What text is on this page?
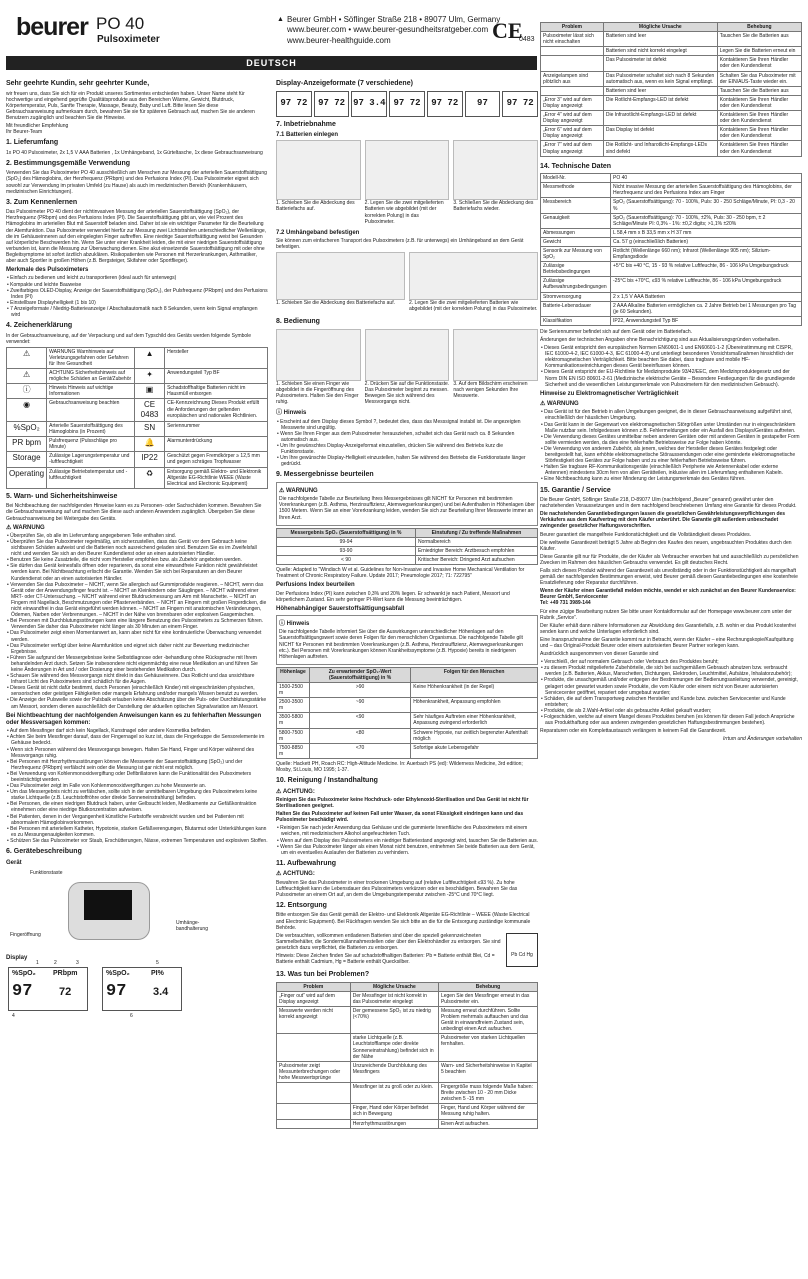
beurer PO 40
Pulsoximeter
▲ Beurer GmbH • Söflinger Straße 218 • 89077 Ulm, Germany
www.beurer.com • www.beurer-gesundheitsratgeber.com
www.beurer-healthguide.com	CE
0483
DEUTSCH
Sehr geehrte Kundin, sehr geehrter Kunde,

wir freuen uns, dass Sie sich für ein Produkt unseres Sortimentes entschieden haben. Unser Name steht für hochwertige und eingehend geprüfte Qualitätsprodukte aus den Bereichen Wärme, Gewicht, Blutdruck, Körpertemperatur, Puls, Sanfte Therapie, Massage, Beauty, Baby und Luft. Bitte lesen Sie diese Gebrauchsanweisung aufmerksam durch, bewahren Sie sie für späteren Gebrauch auf, machen Sie sie anderen Benutzern zugänglich und beachten Sie die Hinweise.

Mit freundlicher Empfehlung

Ihr Beurer-Team

1. Lieferumfang

1x PO 40 Pulsoximeter, 2x 1,5 V AAA Batterien , 1x Umhängeband, 1x Gürteltasche, 1x diese Gebrauchsanweisung

2. Bestimmungsgemäße Verwendung

Verwenden Sie das Pulsoximeter PO 40 ausschließlich am Menschen zur Messung der arteriellen Sauerstoffsättigung (SpO₂) des Hämoglobins, der Herzfrequenz (PRbpm) und des Perfusions Index (PI). Das Pulsoximeter eignet sich sowohl zur Verwendung im privaten Umfeld (zu Hause) als auch im medizinischen Bereich (Krankenhäusern, medizinischen Einrichtungen).

3. Zum Kennenlernen

Das Pulsoximeter PO 40 dient der nichtinvasiven Messung der arteriellen Sauerstoffsättigung (SpO₂), der Herzfrequenz (PRbpm) und des Perfusions Index (PI). Die Sauerstoffsättigung gibt an, wie viel Prozent des Hämoglobins im arteriellen Blut mit Sauerstoff beladen sind. Daher ist sie ein wichtiger Parameter für die Beurteilung der Atemfunktion. Das Pulsoximeter verwendet hierfür zur Messung zwei Lichtstrahlen unterschiedlicher Wellenlänge, die im Gehäuseinneren auf den eingelegten Finger auftreffen. Eine niedrige Sauerstoffsättigung weist bei Gesunden auf körperliche Beschwerden hin. Wenn Sie unter einer Krankheit leiden, die mit einer niedrigen Sauerstoffsättigung verbunden ist, kann die Messung zur Überwachung dienen. Eine akut einsetzende Sauerstoffsättigung mit oder ohne Begleitsymptome ist sofort ärztlich abzuklären. Risikopatienten wie Personen mit Herzerkrankungen, Asthmatiker, aber auch Sportler in großen Höhen (z.B. Bergsteiger, Skifahrer oder Sportflieger).

Merkmale des Pulsoximeters
• Einfach zu bedienen und leicht zu transportieren (ideal auch für unterwegs)
• Kompakte und leichte Bauweise
• Zweifarbiges OLED-Display, Anzeige der Sauerstoffsättigung (SpO₂), der Pulsfrequenz (PRbpm) und des Perfusions Index (PI)
• Einstellbare Displayhelligkeit (1 bis 10)
• 7 Anzeigeformate / Niedrig-Batterieanzeige / Abschaltautomatik nach 8 Sekunden, wenn kein Signal empfangen wird
4. Zeichenerklärung

In der Gebrauchsanweisung, auf der Verpackung und auf dem Typschild des Geräts werden folgende Symbole verwendet:

⚠	WARNUNG Warnhinweis auf Verletzungsgefahren oder Gefahren für Ihre Gesundheit	▲	Hersteller
⚠	ACHTUNG Sicherheitshinweis auf mögliche Schäden an Gerät/Zubehör	✦	Anwendungsteil Typ BF
ⓘ	Hinweis Hinweis auf wichtige Informationen	▣	Schadstoffhaltige Batterien nicht im Hausmüll entsorgen
◉	Gebrauchsanweisung beachten	CE 0483	CE-Kennzeichnung Dieses Produkt erfüllt die Anforderungen der geltenden europäischen und nationalen Richtlinien.
%SpO₂	Arterielle Sauerstoffsättigung des Hämoglobins (in Prozent)	SN	Seriennummer
PR bpm	Pulsfrequenz (Pulsschläge pro Minute)	🔔	Alarmunterdrückung
Storage	Zulässige Lagerungstemperatur und -luftfeuchtigkeit	IP22	Geschützt gegen Fremdkörper ≥ 12,5 mm und gegen schräges Tropfwasser
Operating	Zulässige Betriebstemperatur und -luftfeuchtigkeit	♻	Entsorgung gemäß Elektro- und Elektronik Altgeräte EG-Richtlinie WEEE (Waste Electrical and Electronic Equipment)
5. Warn- und Sicherheitshinweise

Bei Nichtbeachtung der nachfolgenden Hinweise kann es zu Personen- oder Sachschäden kommen. Bewahren Sie die Gebrauchsanweisung auf und machen Sie diese auch anderen Anwendern zugänglich. Übergeben Sie diese Gebrauchsanweisung bei Weitergabe des Geräts.

⚠ WARNUNG
• Überprüfen Sie, ob alle im Lieferumfang angegebenen Teile enthalten sind.
• Überprüfen Sie das Pulsoximeter regelmäßig, um sicherzustellen, dass das Gerät vor dem Gebrauch keine sichtbaren Schäden aufweist und die Batterien noch ausreichend geladen sind. Benutzen Sie es im Zweifelsfall nicht und wenden Sie sich an den Beurer Kundendienst oder an einen autorisierten Händler.
• Benutzen Sie keine Zusatzteile, die nicht vom Hersteller empfohlen bzw. als Zubehör angeboten werden.
• Sie dürfen das Gerät keinesfalls öffnen oder reparieren, da sonst eine einwandfreie Funktion nicht gewährleistet werden kann. Bei Nichtbeachtung erlischt die Garantie. Wenden Sie sich bei Reparaturen an den Beurer Kundendienst oder an einen autorisierten Händler.
• Verwenden Sie das Pulsoximeter – NICHT, wenn Sie allergisch auf Gummiprodukte reagieren. – NICHT, wenn das Gerät oder der Anwendungsfinger feucht ist. – NICHT an Kleinkindern oder Säuglingen. – NICHT während einer MRT- oder CT-Untersuchung. – NICHT während einer Blutdruckmessung am Arm mit Manschette. – NICHT an Fingern mit Nagellack, Beschmutzungen oder Pflasterverbänden. – NICHT an Fingern mit großen Fingerdicken, die nicht einwandfrei in das Gerät eingeführt werden können. – NICHT an Fingern mit anatomischen Veränderungen, Ödemen, Narben oder Verbrennungen. – NICHT in der Nähe von brennbaren oder explosiven Gasgemischen.
• Bei Personen mit Durchblutungsstörungen kann eine längere Benutzung des Pulsoximeters zu Schmerzen führen. Verwenden Sie daher das Pulsoximeter nicht länger als 30 Minuten an einem Finger.
• Das Pulsoximeter zeigt einen Momentanwert an, kann aber nicht für eine kontinuierliche Überwachung verwendet werden.
• Das Pulsoximeter verfügt über keine Alarmfunktion und eignet sich daher nicht zur Bewertung medizinischer Ergebnisse.
• Führen Sie aufgrund der Messergebnisse keine Selbstdiagnose oder -behandlung ohne Rücksprache mit Ihrem behandelnden Arzt durch. Setzen Sie insbesondere nicht eigenmächtig eine neue Medikation an und führen Sie keine Änderungen in Art und / oder Dosierung einer bestehenden Medikation durch.
• Schauen Sie während des Messvorgangs nicht direkt in das Gehäuseinnere. Das Rotlicht und das unsichtbare Infrarot Licht des Pulsoximeters sind schädlich für die Augen.
• Dieses Gerät ist nicht dafür bestimmt, durch Personen (einschließlich Kinder) mit eingeschränkten physischen, sensorischen oder geistigen Fähigkeiten oder mangels Erfahrung und/oder mangels Wissen benutzt zu werden.
• Die Anzeige der Pulswelle sowie der Pulsbalk erlauben keine Abschätzung über die Puls- oder Durchblutungsstärke am Messort, sondern dienen ausschließlich der Darstellung der aktuellen optischen Signalvariation am Messort.
Bei Nichtbeachtung der nachfolgenden Anweisungen kann es zu fehlerhaften Messungen oder Messversagen kommen:
• Auf dem Messfinger darf sich kein Nagellack, Kunstnagel oder andere Kosmetika befinden.
• Achten Sie beim Messfinger darauf, dass der Fingernagel so kurz ist, dass die Fingerkuppe die Sensorelemente im Gehäuse bedeckt.
• Wenn sich Personen während des Messvorgangs bewegen. Halten Sie Hand, Finger und Körper während des Messvorgangs ruhig.
• Bei Personen mit Herzrhythmusstörungen können die Messwerte der Sauerstoffsättigung (SpO₂) und der Herzfrequenz (PRbpm) verfälscht sein oder die Messung ist gar nicht erst möglich.
• Bei Verwendung von Kohlenmonoxidvergiftung oder Defibrillatoren kann die Funktionalität des Pulsoximeters beeinträchtigt werden.
• Das Pulsoximeter zeigt im Falle von Kohlenmonoxidvergiftungen zu hohe Messwerte an.
• Um das Messergebnis nicht zu verfälschen, sollte sich in der unmittelbaren Umgebung des Pulsoximeters keine starke Lichtquelle (z.B. Leuchtstoffröhre oder direkte Sonneneinstrahlung) befinden.
• Bei Personen, die einen niedrigen Blutdruck haben, unter Gelbsucht leiden, Medikamente zur Gefäßkontraktion einnehmen oder eine niedrige Blutkonzentration aufweisen.
• Bei Patienten, denen in der Vergangenheit künstliche Farbstoffe verabreicht wurden und bei Patienten mit abnormalem Hämoglobinvorkommen.
• Bei Personen mit arteriellem Katheter, Hypotonie, starken Gefäßverengungen, Blutarmut oder Unterkühlungen kann es zu Messungenauigkeiten kommen.
• Schützen Sie das Pulsoximeter vor Staub, Erschütterungen, Nässe, extremen Temperaturen und explosiven Stoffen.
6. Gerätebeschreibung
Gerät
Funktionstaste
Fingeröffnung
Umhänge-bandhalterung
Display
%SpO₂ PRbpm
97 72
%SpO₂	PI%
97 3.4
1	2	3
4
5
6
Display-Anzeigeformate (7 verschiedene)
97 72	97 72 97 3.4 97 72	97 72	97	97 72
7. Inbetriebnahme
7.1 Batterien einlegen

1. Schieben Sie die Abdeckung des Batteriefachs auf.

2. Legen Sie die zwei mitgelieferten Batterien wie abgebildet (mit der korrekten Polung) in das Pulsoximeter.

3. Schließen Sie die Abdeckung des Batteriefachs wieder.

7.2 Umhängeband befestigen

Sie können zum einfacheren Transport des Pulsoximeters (z.B. für unterwegs) ein Umhängeband an dem Gerät befestigen.

1. Schieben Sie die Abdeckung des Batteriefachs auf.	2. Legen Sie die zwei mitgelieferten Batterien wie abgebildet (mit der korrekten Polung) in das Pulsoximeter.

8. Bedienung

1. Schieben Sie einen Finger wie abgebildet in die Fingeröffnung des Pulsoximeters. Halten Sie den Finger ruhig.

2. Drücken Sie auf die Funktionstaste. Das Pulsoximeter beginnt zu messen. Bewegen Sie sich während des Messvorgangs nicht.

3. Auf dem Bildschirm erscheinen nach wenigen Sekunden Ihre Messwerte.

ⓘ Hinweis
• Erscheint auf dem Display dieses Symbol ?, bedeutet dies, dass das Messsignal instabil ist. Die angezeigten Messwerte sind ungültig.
• Wenn Sie Ihren Finger aus dem Pulsoximeter herausziehen, schaltet sich das Gerät nach ca. 8 Sekunden automatisch aus.
• Um Ihr gewünschtes Display-Anzeigeformat einzustellen, drücken Sie während des Betriebs kurz die Funktionstaste.
• Um Ihre gewünschte Display-Helligkeit einzustellen, halten Sie während des Betriebs die Funktionstaste länger gedrückt.
9. Messergebnisse beurteilen
⚠ WARNUNG

Die nachfolgende Tabelle zur Beurteilung Ihres Messergebnisses gilt NICHT für Personen mit bestimmten Vorerkrankungen (z.B. Asthma, Herzinsuffizienz, Atemwegserkrankungen) und bei Aufenthalten in Höhenlagen über 1500 Metern. Wenn Sie an einer Vorerkrankung leiden, wenden Sie sich zur Beurteilung Ihrer Messwerte immer an Ihren Arzt.

Messergebnis SpO₂ (Sauerstoffsättigung) in %	Einstufung / Zu treffende Maßnahmen
99-94	Normalbereich
93-90	Erniedrigter Bereich: Arztbesuch empfohlen
< 90	Kritischer Bereich: Dringend Arzt aufsuchen

Quelle: Adapted to "Windisch W et al. Guidelines for Non-Invasive and Invasive Home Mechanical Ventilation for Treatment of Chronic Respiratory Failure. Update 2017; Pneumologie 2017; 71: 722795"

Perfusions Index beurteilen

Der Perfusions Index (PI) kann zwischen 0,3% und 20% liegen. Er schwankt je nach Patient, Messort und körperlichem Zustand. Ein sehr geringer PI-Wert kann die Messung beeinträchtigen.

Höhenabhängiger Sauerstoffsättigungsabfall
ⓘ Hinweis

Die nachfolgende Tabelle informiert Sie über die Auswirkungen unterschiedlicher Höhenlagen auf den Sauerstoffsättigungswert sowie deren Folgen für den menschlichen Organismus. Die nachfolgende Tabelle gilt NICHT für Personen mit bestimmten Vorerkrankungen (z.B. Asthma, Herzinsuffizienz, Atemwegserkrankungen etc.). Bei Personen mit Vorerkrankungen können Krankheitssymptome (z.B. Hypoxie) bereits in niedrigeren Höhenlagen auftreten.

Höhenlage	Zu erwartender SpO₂-Wert (Sauerstoffsättigung) in %	Folgen für den Menschen
1500-2500 m	>90	Keine Höhenkrankheit (in der Regel)
2500-3500 m	~90	Höhenkrankheit, Anpassung empfohlen
3500-5800 m	<90	Sehr häufiges Auftreten einer Höhenkrankheit, Anpassung zwingend erforderlich
5800-7500 m	<80	Schwere Hypoxie, nur zeitlich begrenzter Aufenthalt möglich
7500-8850 m	<70	Sofortige akute Lebensgefahr

Quelle: Hackett PH, Roach RC: High-Altitude Medicine. In: Auerbach PS (ed): Wilderness Medicine, 3rd edition; Mosby, St.Louis, MO 1995; 1-37.

10. Reinigung / Instandhaltung
⚠ ACHTUNG:

Reinigen Sie das Pulsoximeter keine Hochdruck- oder Ethylenoxid-Sterilisation und Das Gerät ist nicht für Sterilisationen geeignet.

Halten Sie das Pulsoximeter auf keinen Fall unter Wasser, da sonst Flüssigkeit eindringen kann und das Pulsoximeter beschädigt wird.

• Reinigen Sie nach jeder Anwendung das Gehäuse und die gummierte Innenfläche des Pulsoximeters mit einem weichen, mit medizinischem Alkohol angefeuchteten Tuch.
• Wenn auf dem Display des Pulsoximeters ein niedriger Batteriestand angezeigt wird, tauschen Sie die Batterien aus.
• Wenn Sie das Pulsoximeter länger als einen Monat nicht benutzen, entnehmen Sie beide Batterien aus dem Gerät, um ein eventuelles Auslaufen der Batterien zu verhindern.
11. Aufbewahrung
⚠ ACHTUNG:

Bewahren Sie das Pulsoximeter in einer trockenen Umgebung auf (relative Luftfeuchtigkeit ≤93 %). Zu hohe Luftfeuchtigkeit kann die Lebensdauer des Pulsoximeters verkürzen oder es beschädigen. Bewahren Sie das Pulsoximeter an einem Ort auf, an dem die Umgebungstemperatur zwischen -25°C und 70°C liegt.

12. Entsorgung

Bitte entsorgen Sie das Gerät gemäß der Elektro- und Elektronik Altgeräte EG-Richtlinie – WEEE (Waste Electrical and Electronic Equipment). Bei Rückfragen wenden Sie sich bitte an die für die Entsorgung zuständige kommunale Behörde.

Die verbrauchten, vollkommen entladenen Batterien sind über die speziell gekennzeichneten Sammelbehälter, die Sondermüllannahmestellen oder über den Elektrohändler zu entsorgen. Sie sind gesetzlich dazu verpflichtet, die Batterien zu entsorgen.

Hinweis: Diese Zeichen finden Sie auf schadstoffhaltigen Batterien: Pb = Batterie enthält Blei, Cd = Batterie enthält Cadmium, Hg = Batterie enthält Quecksilber.

Pb Cd Hg
13. Was tun bei Problemen?
Problem	Mögliche Ursache	Behebung
„Finger out“ wird auf dem Display angezeigt	Der Messfinger ist nicht korrekt in das Pulsoximeter eingelegt	Legen Sie den Messfinger erneut in das Pulsoximeter ein.
Messwerte werden nicht korrekt angezeigt	Der gemessene SpO₂ ist zu niedrig (<70%)	Messung erneut durchführen. Sollte Problem mehrmals auftauchen und das Gerät in einwandfreiem Zustand sein, unbedingt einen Arzt aufsuchen.
	starke Lichtquelle (z.B. Leuchtstofflampe oder direkte Sonneneinstrahlung) befindet sich in der Nähe	Pulsoximeter von starken Lichtquellen fernhalten.
Pulsoximeter zeigt Messunterbrechungen oder hohe Messwertsprünge	Unzureichende Durchblutung des Messfingers	Warn- und Sicherheitshinweise in Kapitel 5 beachten
	Messfinger ist zu groß oder zu klein.	Fingergröße muss folgende Maße haben: Breite zwischen 10 - 20 mm Dicke zwischen 5 -15 mm
	Finger, Hand oder Körper befindet sich in Bewegung	Finger, Hand und Körper während der Messung ruhig halten.
	Herzrhythmusstörungen	Einen Arzt aufsuchen.
Problem	Mögliche Ursache	Behebung
Pulsoximeter lässt sich nicht einschalten	Batterien sind leer	Tauschen Sie die Batterien aus
	Batterien sind nicht korrekt eingelegt	Legen Sie die Batterien erneut ein
	Das Pulsoximeter ist defekt	Kontaktieren Sie Ihren Händler oder den Kundendienst
Anzeigelampen sind plötzlich aus	Das Pulsoximeter schaltet sich nach 8 Sekunden automatisch aus, wenn es kein Signal empfängt.	Schalten Sie das Pulsoximeter mit der EIN/AUS-Taste wieder ein.
	Batterien sind leer	Tauschen Sie die Batterien aus
„Error 3“ wird auf dem Display angezeigt	Die Rotlicht-Empfangs-LED ist defekt	Kontaktieren Sie Ihren Händler oder den Kundendienst
„Error 4“ wird auf dem Display angezeigt	Die Infrarotlicht-Empfangs-LED ist defekt	Kontaktieren Sie Ihren Händler oder den Kundendienst
„Error 6“ wird auf dem Display angezeigt	Das Display ist defekt	Kontaktieren Sie Ihren Händler oder den Kundendienst
„Error 7“ wird auf dem Display angezeigt	Die Rotlicht- und Infrarotlicht-Empfangs-LEDs sind defekt	Kontaktieren Sie Ihren Händler oder den Kundendienst
14. Technische Daten
Modell-Nr.	PO 40
Messmethode	Nicht invasive Messung der arteriellen Sauerstoffsättigung des Hämoglobins, der Herzfrequenz und des Perfusions Index am Finger
Messbereich	SpO₂ (Sauerstoffsättigung): 70 - 100%, Puls: 30 - 250 Schläge/Minute, PI: 0,3 - 20 %
Genauigkeit	SpO₂ (Sauerstoffsättigung): 70 - 100%, ±2%, Puls: 30 - 250 bpm, ± 2 Schläge/Minute PI: 0,3% - 1%: ±0,2 digits; >1,1% ±20%
Abmessungen	L 58,4 mm x B 33,5 mm x H 37 mm
Gewicht	Ca. 57 g (einschließlich Batterien)
Sensorik zur Messung von SpO₂	Rotlicht (Wellenlänge 660 nm); Infrarot (Wellenlänge 905 nm); Silizium-Empfangsdiode
Zulässige Betriebsbedingungen	+5°C bis +40 °C, 15 - 93 % relative Luftfeuchte, 86 - 106 kPa Umgebungsdruck
Zulässige Aufbewahrungsbedingungen	-25°C bis +70°C, ≤93 % relative Luftfeuchte, 86 - 106 kPa Umgebungsdruck
Stromversorgung	2 x 1,5 V AAA Batterien
Batterie-Lebensdauer	2 AAA Alkaline Batterien ermöglichen ca. 2 Jahre Betrieb bei 1 Messungen pro Tag (je 60 Sekunden).
Klassifikation	IP22, Anwendungsteil Typ BF

Die Seriennummer befindet sich auf dem Gerät oder im Batteriefach.

Änderungen der technischen Angaben ohne Benachrichtigung sind aus Aktualisierungsgründen vorbehalten.

• Dieses Gerät entspricht den europäischen Normen EN60601-1 und EN60601-1-2 (Übereinstimmung mit CISPR, IEC 61000-4-2, IEC 61000-4-3, IEC 61000-4-8) und unterliegt besonderen Vorsichtsmaßnahmen hinsichtlich der elektromagnetischen Verträglichkeit. Bitte beachten Sie dabei, dass tragbare und mobile HF-Kommunikationseinrichtungen dieses Gerät beeinflussen können.
• Dieses Gerät entspricht der EU-Richtlinie für Medizinprodukte 93/42/EEC, dem Medizinproduktegesetz und der Norm DIN EN ISO 80601-2-61 (Medizinische elektrische Geräte – Besondere Festlegungen für die grundlegende Sicherheit und die wesentlichen Leistungsmerkmale von Pulsoximetern für den medizinischen Gebrauch).
Hinweise zu Elektromagnetischer Verträglichkeit
⚠ WARNUNG
• Das Gerät ist für den Betrieb in allen Umgebungen geeignet, die in dieser Gebrauchsanweisung aufgeführt sind, einschließlich der häuslichen Umgebung.
• Das Gerät kann in der Gegenwart von elektromagnetischen Störgrößen unter Umständen nur in eingeschränktem Maße nutzbar sein. Infolgedessen können z.B. Fehlermeldungen oder ein Ausfall des Displays/Gerätes auftreten.
• Die Verwendung dieses Gerätes unmittelbar neben anderen Geräten oder mit anderen Geräten in gestapelter Form sollte vermieden werden, da dies eine fehlerhafte Betriebsweise zur Folge haben könnte.
• Die Verwendung von anderem Zubehör, als jenem, welches der Hersteller dieses Gerätes festgelegt oder bereitgestellt hat, kann erhöhte elektromagnetische Störaussendungen oder eine geminderte elektromagnetische Störfestigkeit des Gerätes zur Folge haben und zu einer fehlerhaften Betriebsweise führen.
• Halten Sie tragbare RF-Kommunikationsgeräte (einschließlich Peripherie wie Antennenkabel oder externe Antennen) mindestens 30cm fern von allen Gerätteilen, inklusive allen im Lieferumfang enthaltenen Kabeln.
• Eine Nichtbeachtung kann zu einer Minderung der Leistungsmerkmale des Gerätes führen.
15. Garantie / Service

Die Beurer GmbH, Söflinger Straße 218, D-89077 Ulm (nachfolgend „Beurer“ genannt) gewährt unter den nachstehenden Voraussetzungen und in dem nachfolgend beschriebenen Umfang eine Garantie für dieses Produkt.

Die nachstehenden Garantiebedingungen lassen die gesetzlichen Gewährleistungsverpflichtungen des Verkäufers aus dem Kaufvertrag mit dem Käufer unberührt. Die Garantie gilt außerdem unbeschadet zwingender gesetzlicher Haftungsvorschriften.

Beurer garantiert die mangelfreie Funktionstüchtigkeit und die Vollständigkeit dieses Produktes.

Die weltweite Garantiezeit beträgt 5 Jahre ab Beginn des Kaufes des neuen, ungebrauchten Produktes durch den Käufer.

Diese Garantie gilt nur für Produkte, die der Käufer als Verbraucher erworben hat und ausschließlich zu persönlichen Zwecken im Rahmen des häuslichen Gebrauchs verwendet. Es gilt deutsches Recht.

Falls sich dieses Produkt während der Garantiezeit als unvollständig oder in der Funktionstüchtigkeit als mangelhaft gemäß der nachfolgenden Bestimmungen erweist, wird Beurer gemäß diesen Garantiebedingungen eine kostenfreie Ersatzlieferung oder Reparatur durchführen.

Wenn der Käufer einen Garantiefall melden möchte, wendet er sich zunächst an den Beurer Kundenservice:

Beurer GmbH, Servicecenter

Tel: +49 731 3989-144

Für eine zügige Bearbeitung nutzen Sie bitte unser Kontaktformular auf der Homepage www.beurer.com unter der Rubrik „Service“.

Der Käufer erhält dann nähere Informationen zur Abwicklung des Garantiefalls, z.B. wohin er das Produkt kostenfrei senden kann und welche Unterlagen erforderlich sind.

Eine Inanspruchnahme der Garantie kommt nur in Betracht, wenn der Käufer – eine Rechnungskopie/Kaufquittung und – das Original-Produkt Beurer oder einem autorisierten Beurer Partner vorlegen kann.

Ausdrücklich ausgenommen von dieser Garantie sind

• Verschleiß, der auf normalem Gebrauch oder Verbrauch des Produktes beruht;
• zu diesem Produkt mitgelieferte Zubehörteile, die sich bei sachgemäßem Gebrauch abnutzen bzw. verbraucht werden (z.B. Batterien, Akkus, Manschetten, Dichtungen, Elektroden, Leuchtmittel, Aufsätze, Inhalatorzubehör);
• Produkte, die unsachgemäß und/oder entgegen der Bestimmungen der Bedienungsanleitung verwendet, gereinigt, gelagert oder gewartet wurden sowie Produkte, die vom Käufer oder einem nicht von Beurer autorisierten Servicecenter geöffnet, repariert oder umgebaut wurden;
• Schäden, die auf dem Transportweg zwischen Hersteller und Kunde bzw. zwischen Servicecenter und Kunde entstehen;
• Produkte, die als 2.Wahl-Artikel oder als gebrauchte Artikel gekauft wurden;
• Folgeschäden, welche auf einem Mangel dieses Produktes beruhen (es können für diesen Fall jedoch Ansprüche aus Produkthaftung oder aus anderen zwingenden gesetzlichen Haftungsbestimmungen bestehen).

Reparaturen oder ein Komplettaustausch verlängern in keinem Fall die Garantiezeit.

Irrtum und Änderungen vorbehalten
